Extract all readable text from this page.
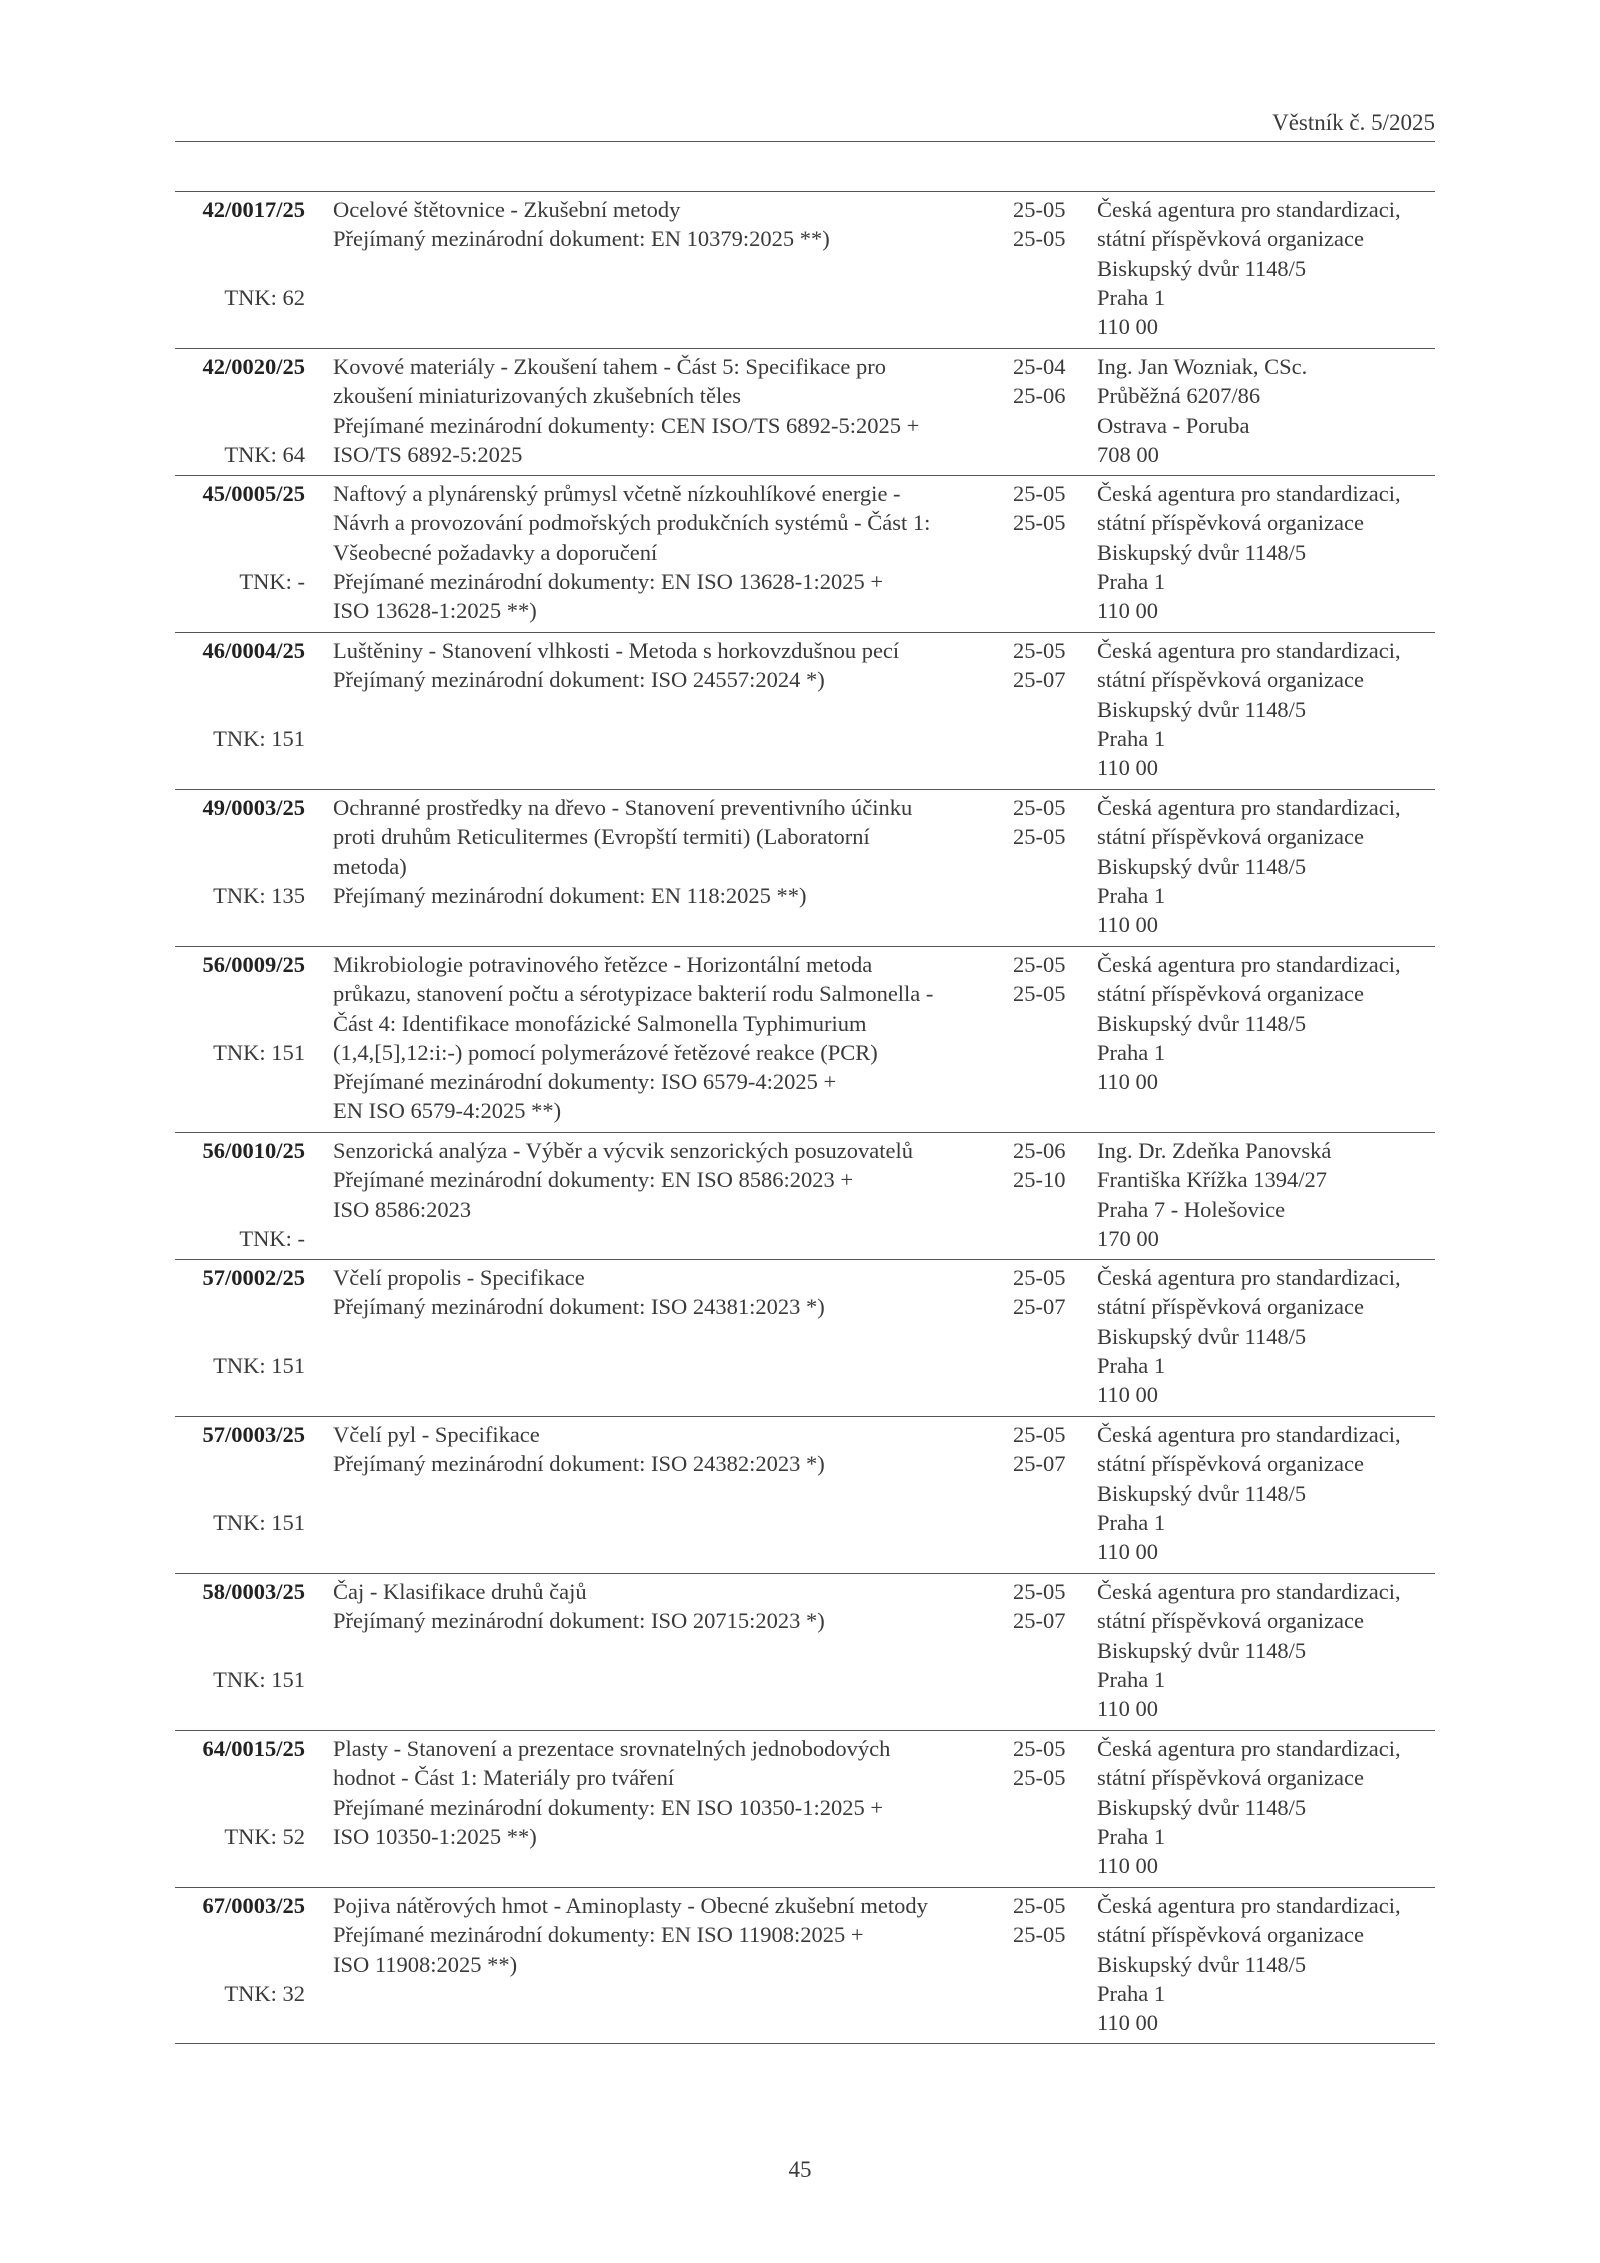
Věstník č. 5/2025
42/0017/25
TNK: 62
Ocelové štětovnice - Zkušební metody
Přejímaný mezinárodní dokument: EN 10379:2025 **)
25-05
25-05
Česká agentura pro standardizaci,
státní příspěvková organizace
Biskupský dvůr 1148/5
Praha 1
110 00
42/0020/25
TNK: 64
Kovové materiály - Zkoušení tahem - Část 5: Specifikace pro
zkoušení miniaturizovaných zkušebních těles
Přejímané mezinárodní dokumenty: CEN ISO/TS 6892-5:2025 +
ISO/TS 6892-5:2025
25-04
25-06
Ing. Jan Wozniak, CSc.
Průběžná 6207/86
Ostrava - Poruba
708 00
45/0005/25
TNK: -
Naftový a plynárenský průmysl včetně nízkouhlíkové energie -
Návrh a provozování podmořských produkčních systémů - Část 1:
Všeobecné požadavky a doporučení
Přejímané mezinárodní dokumenty: EN ISO 13628-1:2025 +
ISO 13628-1:2025 **)
25-05
25-05
Česká agentura pro standardizaci,
státní příspěvková organizace
Biskupský dvůr 1148/5
Praha 1
110 00
46/0004/25
TNK: 151
Luštěniny - Stanovení vlhkosti - Metoda s horkovzdušnou pecí
Přejímaný mezinárodní dokument: ISO 24557:2024 *)
25-05
25-07
Česká agentura pro standardizaci,
státní příspěvková organizace
Biskupský dvůr 1148/5
Praha 1
110 00
49/0003/25
TNK: 135
Ochranné prostředky na dřevo - Stanovení preventivního účinku
proti druhům Reticulitermes (Evropští termiti) (Laboratorní
metoda)
Přejímaný mezinárodní dokument: EN 118:2025 **)
25-05
25-05
Česká agentura pro standardizaci,
státní příspěvková organizace
Biskupský dvůr 1148/5
Praha 1
110 00
56/0009/25
TNK: 151
Mikrobiologie potravinového řetězce - Horizontální metoda
průkazu, stanovení počtu a sérotypizace bakterií rodu Salmonella -
Část 4: Identifikace monofázické Salmonella Typhimurium
(1,4,[5],12:i:-) pomocí polymerázové řetězové reakce (PCR)
Přejímané mezinárodní dokumenty: ISO 6579-4:2025 +
EN ISO 6579-4:2025 **)
25-05
25-05
Česká agentura pro standardizaci,
státní příspěvková organizace
Biskupský dvůr 1148/5
Praha 1
110 00
56/0010/25
TNK: -
Senzorická analýza - Výběr a výcvik senzorických posuzovatelů
Přejímané mezinárodní dokumenty: EN ISO 8586:2023 +
ISO 8586:2023
25-06
25-10
Ing. Dr. Zdeňka Panovská
Františka Křížka 1394/27
Praha 7 - Holešovice
170 00
57/0002/25
TNK: 151
Včelí propolis - Specifikace
Přejímaný mezinárodní dokument: ISO 24381:2023 *)
25-05
25-07
Česká agentura pro standardizaci,
státní příspěvková organizace
Biskupský dvůr 1148/5
Praha 1
110 00
57/0003/25
TNK: 151
Včelí pyl - Specifikace
Přejímaný mezinárodní dokument: ISO 24382:2023 *)
25-05
25-07
Česká agentura pro standardizaci,
státní příspěvková organizace
Biskupský dvůr 1148/5
Praha 1
110 00
58/0003/25
TNK: 151
Čaj - Klasifikace druhů čajů
Přejímaný mezinárodní dokument: ISO 20715:2023 *)
25-05
25-07
Česká agentura pro standardizaci,
státní příspěvková organizace
Biskupský dvůr 1148/5
Praha 1
110 00
64/0015/25
TNK: 52
Plasty - Stanovení a prezentace srovnatelných jednobodových
hodnot - Část 1: Materiály pro tváření
Přejímané mezinárodní dokumenty: EN ISO 10350-1:2025 +
ISO 10350-1:2025 **)
25-05
25-05
Česká agentura pro standardizaci,
státní příspěvková organizace
Biskupský dvůr 1148/5
Praha 1
110 00
67/0003/25
TNK: 32
Pojiva nátěrových hmot - Aminoplasty - Obecné zkušební metody
Přejímané mezinárodní dokumenty: EN ISO 11908:2025 +
ISO 11908:2025 **)
25-05
25-05
Česká agentura pro standardizaci,
státní příspěvková organizace
Biskupský dvůr 1148/5
Praha 1
110 00
45
